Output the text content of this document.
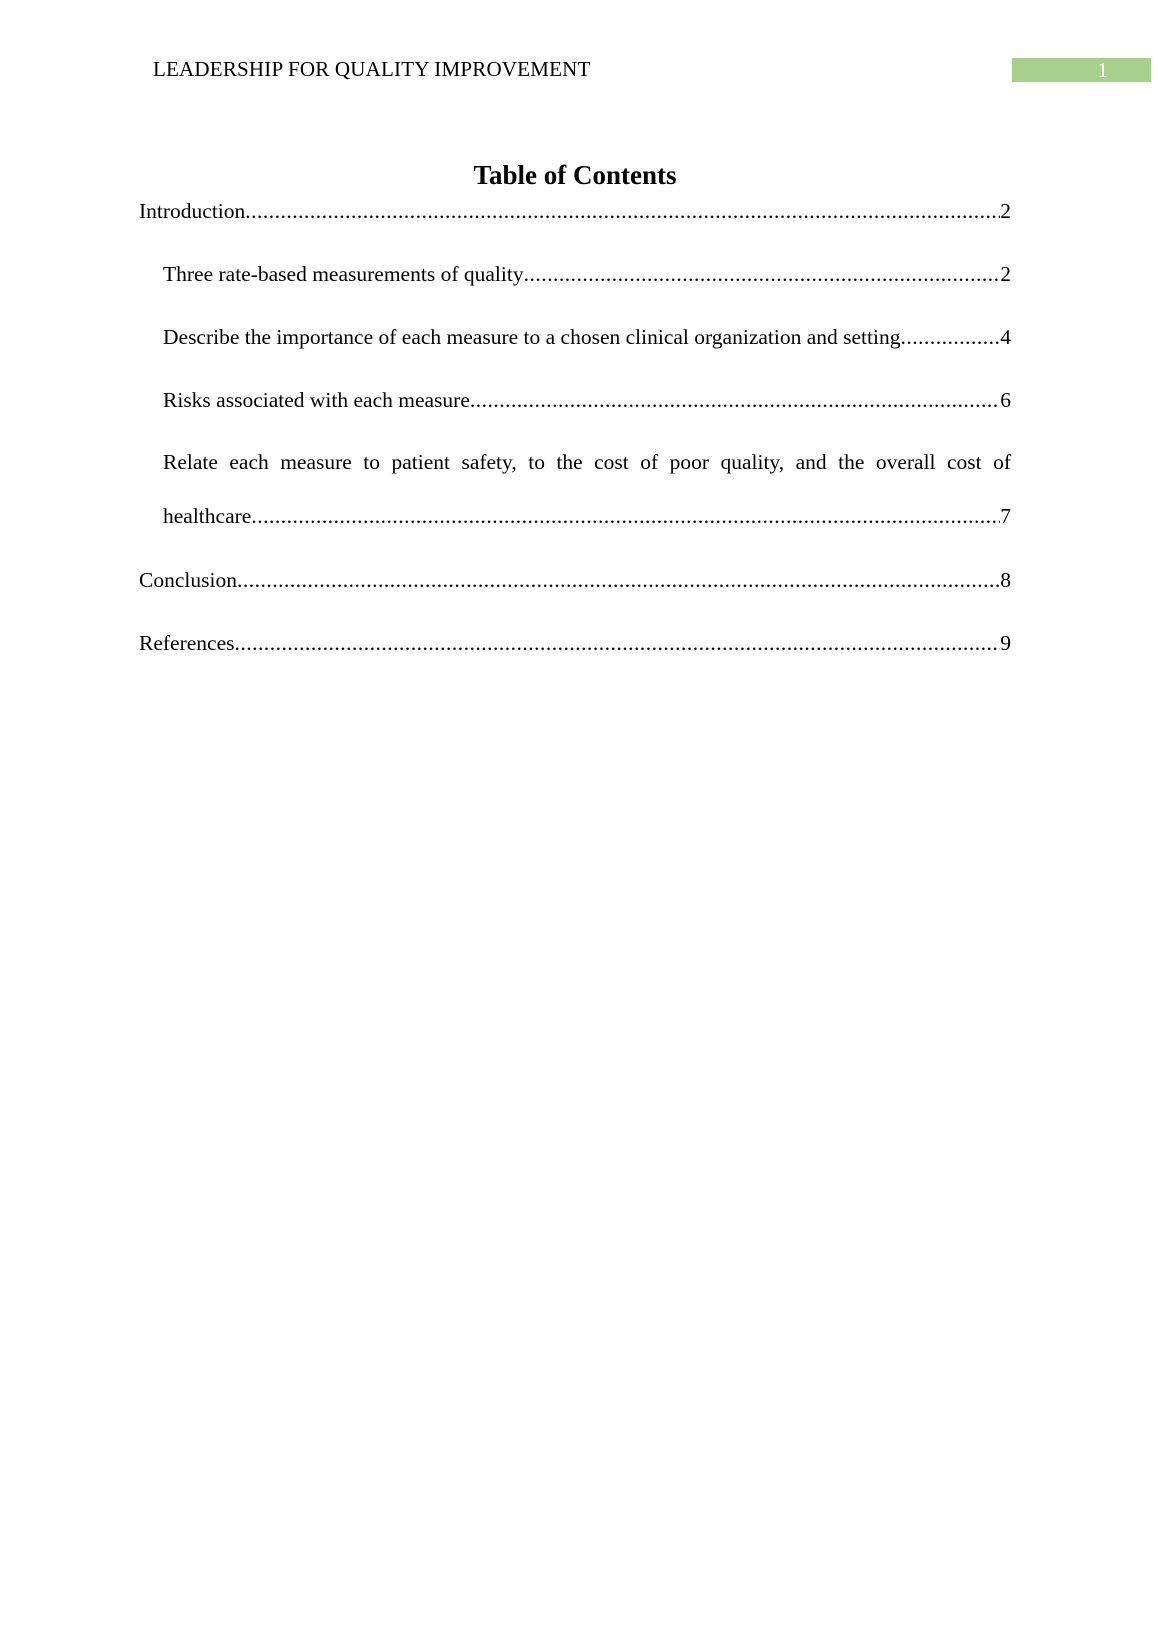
LEADERSHIP FOR QUALITY IMPROVEMENT	1
Table of Contents
Introduction .....	2
Three rate-based measurements of quality .....	2
Describe the importance of each measure to a chosen clinical organization and setting .....	4
Risks associated with each measure .....	6
Relate each measure to patient safety, to the cost of poor quality, and the overall cost of
healthcare .....	7
Conclusion .....	8
References .....	9
